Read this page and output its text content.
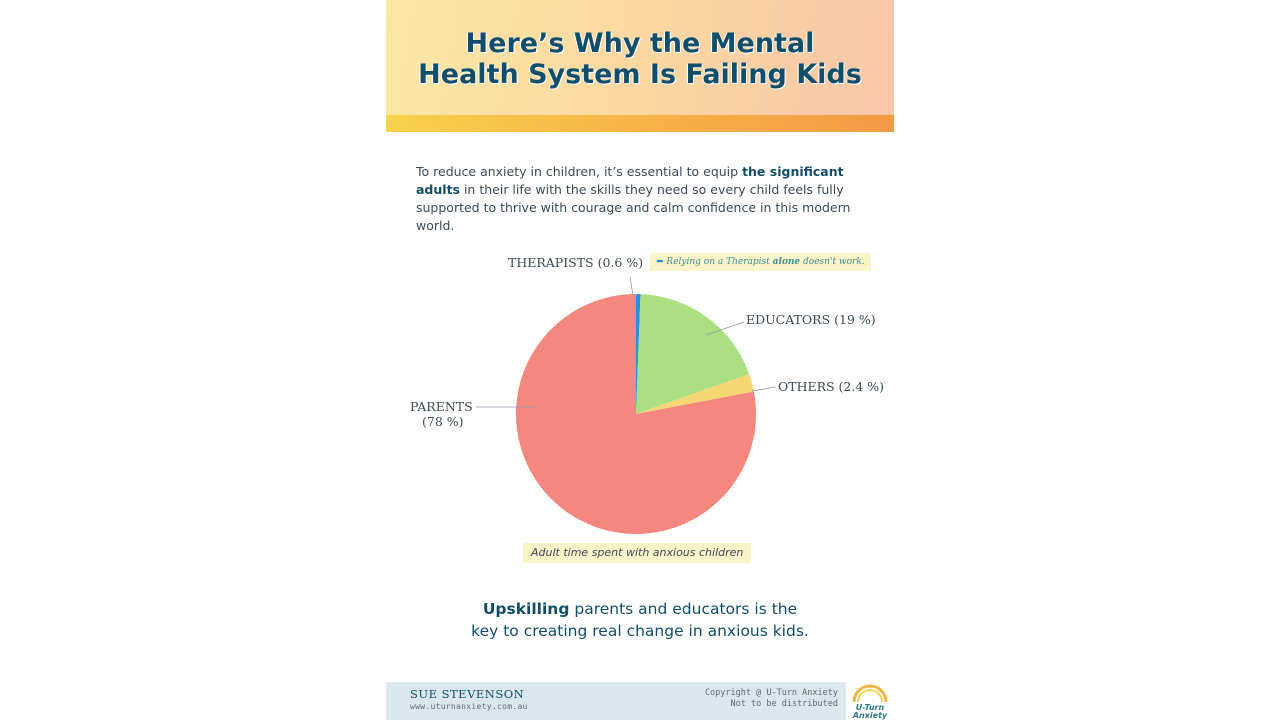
Here’s Why the Mental
Health System Is Failing Kids
To reduce anxiety in children, it’s essential to equip the significant adults in their life with the skills they need so every child feels fully supported to thrive with courage and calm confidence in this modern world.
⬅ Relying on a Therapist alone doesn't work.
THERAPISTS (0.6 %)
EDUCATORS (19 %)
OTHERS (2.4 %)
PARENTS
(78 %)
Adult time spent with anxious children
Upskilling parents and educators is the
key to creating real change in anxious kids.
SUE STEVENSON
www.uturnanxiety.com.au
Copyright @ U-Turn Anxiety
Not to be distributed U-Turn
Anxiety
